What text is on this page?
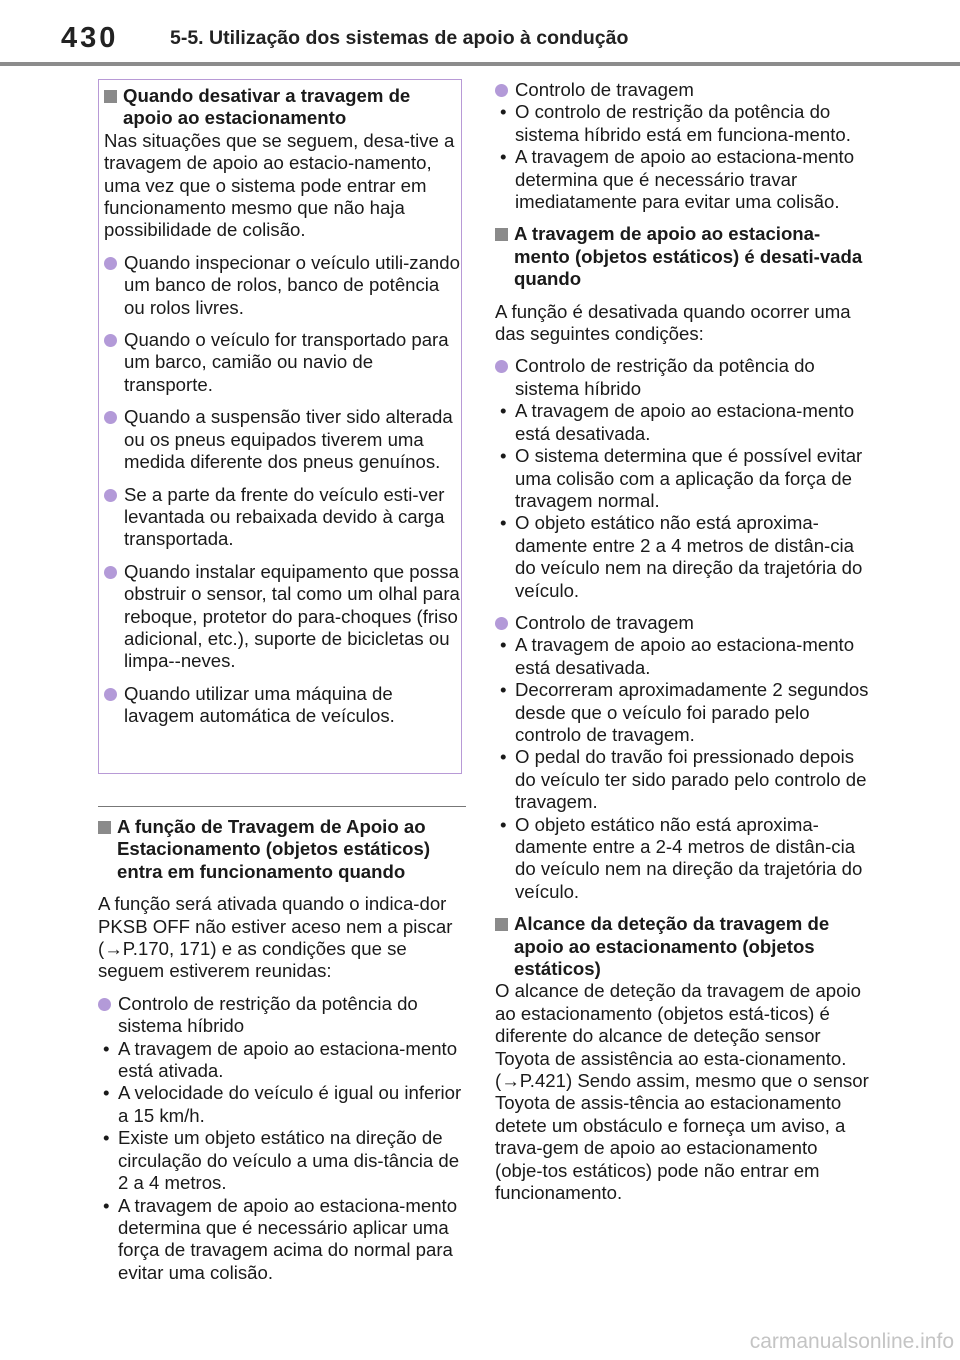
430	5-5. Utilização dos sistemas de apoio à condução

Quando desativar a travagem de apoio ao estacionamento

Nas situações que se seguem, desa-tive a travagem de apoio ao estacio-namento, uma vez que o sistema pode entrar em funcionamento mesmo que não haja possibilidade de colisão.

Quando inspecionar o veículo utili-zando um banco de rolos, banco de potência ou rolos livres.
Quando o veículo for transportado para um barco, camião ou navio de transporte.
Quando a suspensão tiver sido alterada ou os pneus equipados tiverem uma medida diferente dos pneus genuínos.
Se a parte da frente do veículo esti-ver levantada ou rebaixada devido à carga transportada.
Quando instalar equipamento que possa obstruir o sensor, tal como um olhal para reboque, protetor do para-choques (friso adicional, etc.), suporte de bicicletas ou limpa--neves.
Quando utilizar uma máquina de lavagem automática de veículos.

A função de Travagem de Apoio ao Estacionamento (objetos estáticos) entra em funcionamento quando

A função será ativada quando o indica-dor PKSB OFF não estiver aceso nem a piscar (→P.170, 171) e as condições que se seguem estiverem reunidas:

Controlo de restrição da potência do sistema híbrido
• A travagem de apoio ao estaciona-mento está ativada.
• A velocidade do veículo é igual ou inferior a 15 km/h.
• Existe um objeto estático na direção de circulação do veículo a uma dis-tância de 2 a 4 metros.
• A travagem de apoio ao estaciona-mento determina que é necessário aplicar uma força de travagem acima do normal para evitar uma colisão.
Controlo de travagem
• O controlo de restrição da potência do sistema híbrido está em funciona-mento.
• A travagem de apoio ao estaciona-mento determina que é necessário travar imediatamente para evitar uma colisão.

A travagem de apoio ao estaciona-mento (objetos estáticos) é desati-vada quando

A função é desativada quando ocorrer uma das seguintes condições:

Controlo de restrição da potência do sistema híbrido
• A travagem de apoio ao estaciona-mento está desativada.
• O sistema determina que é possível evitar uma colisão com a aplicação da força de travagem normal.
• O objeto estático não está aproxima-damente entre 2 a 4 metros de distân-cia do veículo nem na direção da trajetória do veículo.
Controlo de travagem
• A travagem de apoio ao estaciona-mento está desativada.
• Decorreram aproximadamente 2 segundos desde que o veículo foi parado pelo controlo de travagem.
• O pedal do travão foi pressionado depois do veículo ter sido parado pelo controlo de travagem.
• O objeto estático não está aproxima-damente entre a 2-4 metros de distân-cia do veículo nem na direção da trajetória do veículo.

Alcance da deteção da travagem de apoio ao estacionamento (objetos estáticos)

O alcance de deteção da travagem de apoio ao estacionamento (objetos está-ticos) é diferente do alcance de deteção sensor Toyota de assistência ao esta-cionamento. (→P.421) Sendo assim, mesmo que o sensor Toyota de assis-tência ao estacionamento detete um obstáculo e forneça um aviso, a trava-gem de apoio ao estacionamento (obje-tos estáticos) pode não entrar em funcionamento.

carmanualsonline.info
